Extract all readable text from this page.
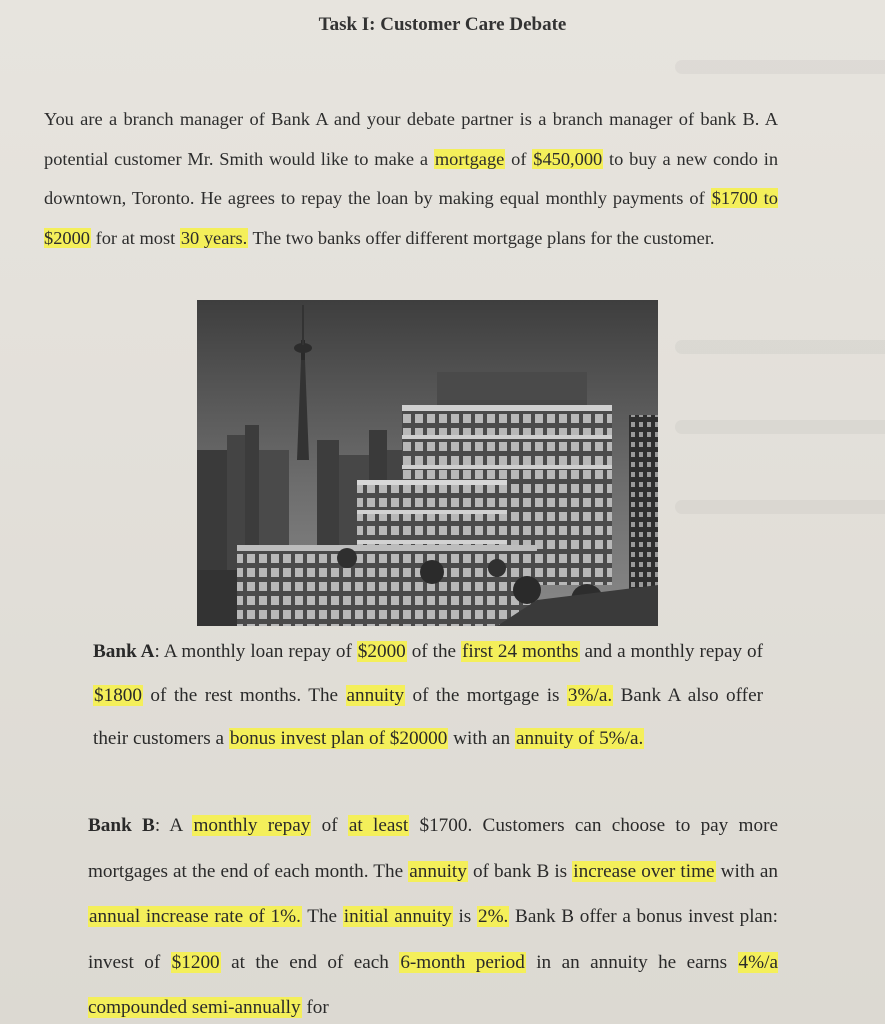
Task I: Customer Care Debate

You are a branch manager of Bank A and your debate partner is a branch manager of bank B. A potential customer Mr. Smith would like to make a mortgage of $450,000 to buy a new condo in downtown, Toronto. He agrees to repay the loan by making equal monthly payments of $1700 to $2000 for at most 30 years. The two banks offer different mortgage plans for the customer.

Bank A: A monthly loan repay of $2000 of the first 24 months and a monthly repay of $1800 of the rest months. The annuity of the mortgage is 3%/a. Bank A also offer their customers a bonus invest plan of $20000 with an annuity of 5%/a.

Bank B: A monthly repay of at least $1700. Customers can choose to pay more mortgages at the end of each month. The annuity of bank B is increase over time with an annual increase rate of 1%. The initial annuity is 2%. Bank B offer a bonus invest plan: invest of $1200 at the end of each 6-month period in an annuity he earns 4%/a compounded semi-annually for
